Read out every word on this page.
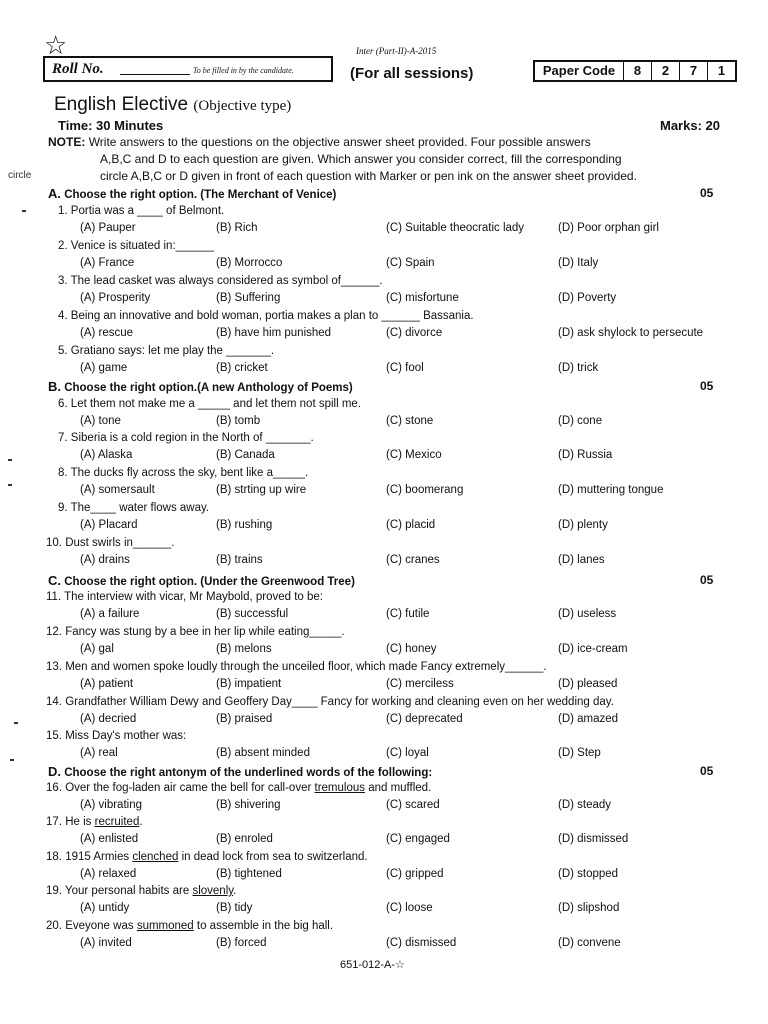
☆
Roll No.	To be filled in by the candidate.
Inter (Part-II)-A-2015
(For all sessions)	Paper Code	8	2	7	1
English Elective (Objective type)
Time: 30 Minutes	Marks: 20
NOTE: Write answers to the questions on the objective answer sheet provided. Four possible answers
A,B,C and D to each question are given. Which answer you consider correct, fill the corresponding
circle A,B,C or D given in front of each question with Marker or pen ink on the answer sheet provided.
circle
A. Choose the right option. (The Merchant of Venice)	05
B. Choose the right option.(A new Anthology of Poems)	05
C. Choose the right option. (Under the Greenwood Tree)	05
D. Choose the right antonym of the underlined words of the following:	05
1. Portia was a ____ of Belmont.
(A) Pauper	(B) Rich	(C) Suitable theocratic lady	(D) Poor orphan girl
2. Venice is situated in:______
(A) France	(B) Morrocco	(C) Spain	(D) Italy
3. The lead casket was always considered as symbol of______.
(A) Prosperity	(B) Suffering	(C) misfortune	(D) Poverty
4. Being an innovative and bold woman, portia makes a plan to ______ Bassania.
(A) rescue	(B) have him punished	(C) divorce	(D) ask shylock to persecute
5. Gratiano says: let me play the _______.
(A) game	(B) cricket	(C) fool	(D) trick
6. Let them not make me a _____ and let them not spill me.
(A) tone	(B) tomb	(C) stone	(D) cone
7. Siberia is a cold region in the North of _______.
(A) Alaska	(B) Canada	(C) Mexico	(D) Russia
8. The ducks fly across the sky, bent like a_____.
(A) somersault	(B) strting up wire	(C) boomerang	(D) muttering tongue
9. The____ water flows away.
(A) Placard	(B) rushing	(C) placid	(D) plenty
10. Dust swirls in______.
(A) drains	(B) trains	(C) cranes	(D) lanes
11. The interview with vicar, Mr Maybold, proved to be:
(A) a failure	(B) successful	(C) futile	(D) useless
12. Fancy was stung by a bee in her lip while eating_____.
(A) gal	(B) melons	(C) honey	(D) ice-cream
13. Men and women spoke loudly through the unceiled floor, which made Fancy extremely______.
(A) patient	(B) impatient	(C) merciless	(D) pleased
14. Grandfather William Dewy and Geoffery Day____ Fancy for working and cleaning even on her wedding day.
(A) decried	(B) praised	(C) deprecated	(D) amazed
15. Miss Day's mother was:
(A) real	(B) absent minded	(C) loyal	(D) Step
16. Over the fog-laden air came the bell for call-over tremulous and muffled.
(A) vibrating	(B) shivering	(C) scared	(D) steady
17. He is recruited.
(A) enlisted	(B) enroled	(C) engaged	(D) dismissed
18. 1915 Armies clenched in dead lock from sea to switzerland.
(A) relaxed	(B) tightened	(C) gripped	(D) stopped
19. Your personal habits are slovenly.
(A) untidy	(B) tidy	(C) loose	(D) slipshod
20. Eveyone was summoned to assemble in the big hall.
(A) invited	(B) forced	(C) dismissed	(D) convene
651-012-A-☆
